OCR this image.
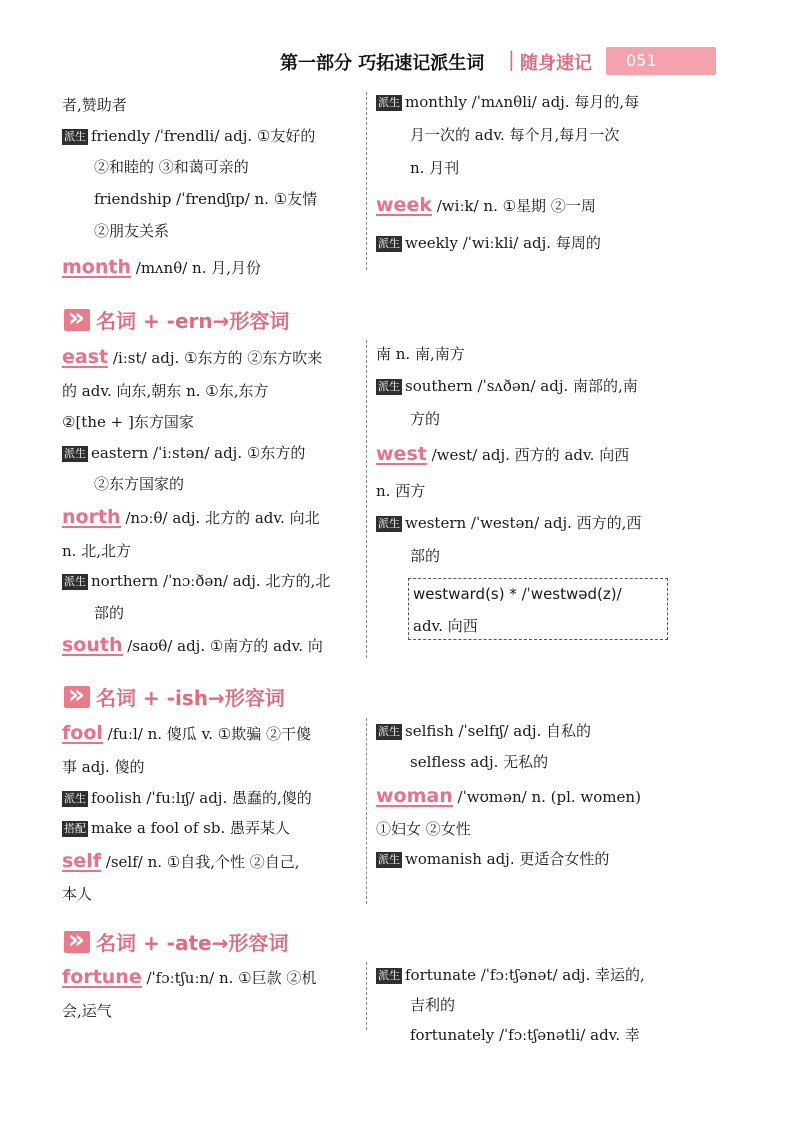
第一部分 巧拓速记派生词 | 随身速记	051
者,赞助者
派生 friendly /ˈfrendli/ adj. ①友好的
②和睦的 ③和蔼可亲的
friendship /ˈfrendʃɪp/ n. ①友情
②朋友关系
month /mʌnθ/ n. 月,月份
派生 monthly /ˈmʌnθli/ adj. 每月的,每
月一次的 adv. 每个月,每月一次
n. 月刊
week /wiːk/ n. ①星期 ②一周
派生 weekly /ˈwiːkli/ adj. 每周的
»名词 + -ern→形容词
east /iːst/ adj. ①东方的 ②东方吹来
的 adv. 向东,朝东 n. ①东,东方
②[the + ]东方国家
派生 eastern /ˈiːstən/ adj. ①东方的
②东方国家的
north /nɔːθ/ adj. 北方的 adv. 向北
n. 北,北方
派生 northern /ˈnɔːðən/ adj. 北方的,北
部的
south /saʊθ/ adj. ①南方的 adv. 向
南 n. 南,南方
派生 southern /ˈsʌðən/ adj. 南部的,南
方的
west /west/ adj. 西方的 adv. 向西
n. 西方
派生 western /ˈwestən/ adj. 西方的,西
部的
westward(s) * /ˈwestwəd(z)/
adv. 向西
»名词 + -ish→形容词
fool /fuːl/ n. 傻瓜 v. ①欺骗 ②干傻
事 adj. 傻的
派生 foolish /ˈfuːlɪʃ/ adj. 愚蠢的,傻的
搭配 make a fool of sb. 愚弄某人
self /self/ n. ①自我,个性 ②自己,
本人
派生 selfish /ˈselfɪʃ/ adj. 自私的
selfless adj. 无私的
woman /ˈwʊmən/ n. (pl. women)
①妇女 ②女性
派生 womanish adj. 更适合女性的
»名词 + -ate→形容词
fortune /ˈfɔːtʃuːn/ n. ①巨款 ②机
会,运气
派生 fortunate /ˈfɔːtʃənət/ adj. 幸运的,
吉利的
fortunately /ˈfɔːtʃənətli/ adv. 幸
